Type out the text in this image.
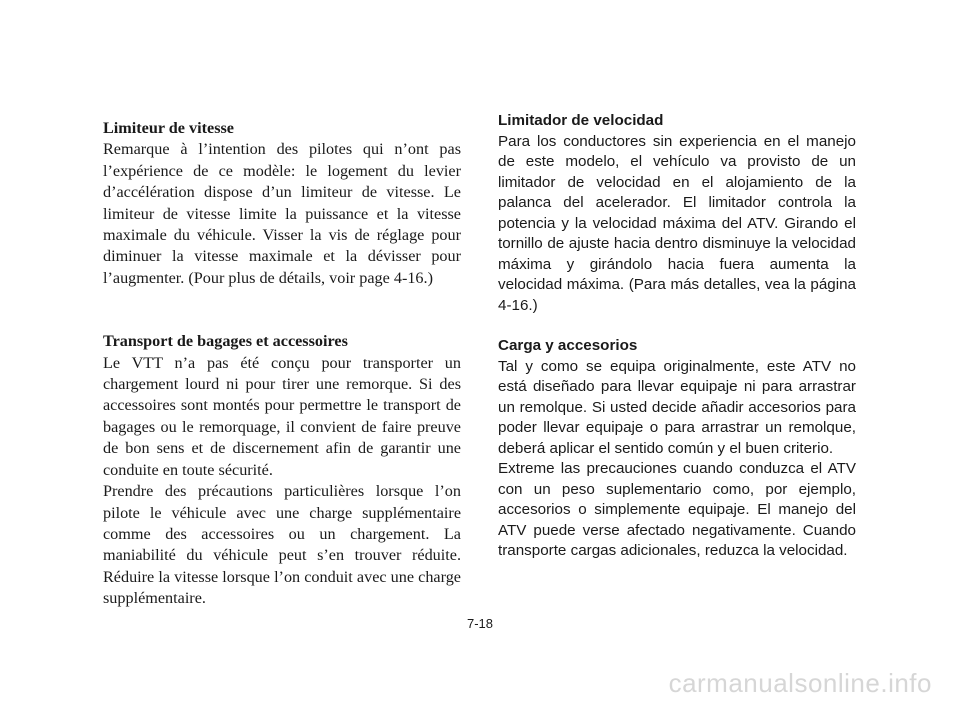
Limiteur de vitesse

Remarque à l’intention des pilotes qui n’ont pas l’expérience de ce modèle: le logement du levier d’accélération dispose d’un limiteur de vitesse. Le limiteur de vitesse limite la puissance et la vitesse maximale du véhicule. Visser la vis de réglage pour diminuer la vitesse maximale et la dévisser pour l’augmenter. (Pour plus de détails, voir page 4-16.)

Transport de bagages et accessoires

Le VTT n’a pas été conçu pour transporter un chargement lourd ni pour tirer une remorque. Si des accessoires sont montés pour permettre le transport de bagages ou le remorquage, il convient de faire preuve de bon sens et de discernement afin de garantir une conduite en toute sécurité.

Prendre des précautions particulières lorsque l’on pilote le véhicule avec une charge supplémentaire comme des accessoires ou un chargement. La maniabilité du véhicule peut s’en trouver réduite. Réduire la vitesse lorsque l’on conduit avec une charge supplémentaire.

Limitador de velocidad

Para los conductores sin experiencia en el manejo de este modelo, el vehículo va provisto de un limitador de velocidad en el alojamiento de la palanca del acelerador. El limitador controla la potencia y la velocidad máxima del ATV. Girando el tornillo de ajuste hacia dentro disminuye la velocidad máxima y girándolo hacia fuera aumenta la velocidad máxima. (Para más detalles, vea la página 4-16.)

Carga y accesorios

Tal y como se equipa originalmente, este ATV no está diseñado para llevar equipaje ni para arrastrar un remolque. Si usted decide añadir accesorios para poder llevar equipaje o para arrastrar un remolque, deberá aplicar el sentido común y el buen criterio.

Extreme las precauciones cuando conduzca el ATV con un peso suplementario como, por ejemplo, accesorios o simplemente equipaje. El manejo del ATV puede verse afectado negativamente. Cuando transporte cargas adicionales, reduzca la velocidad.

7-18
carmanualsonline.info
